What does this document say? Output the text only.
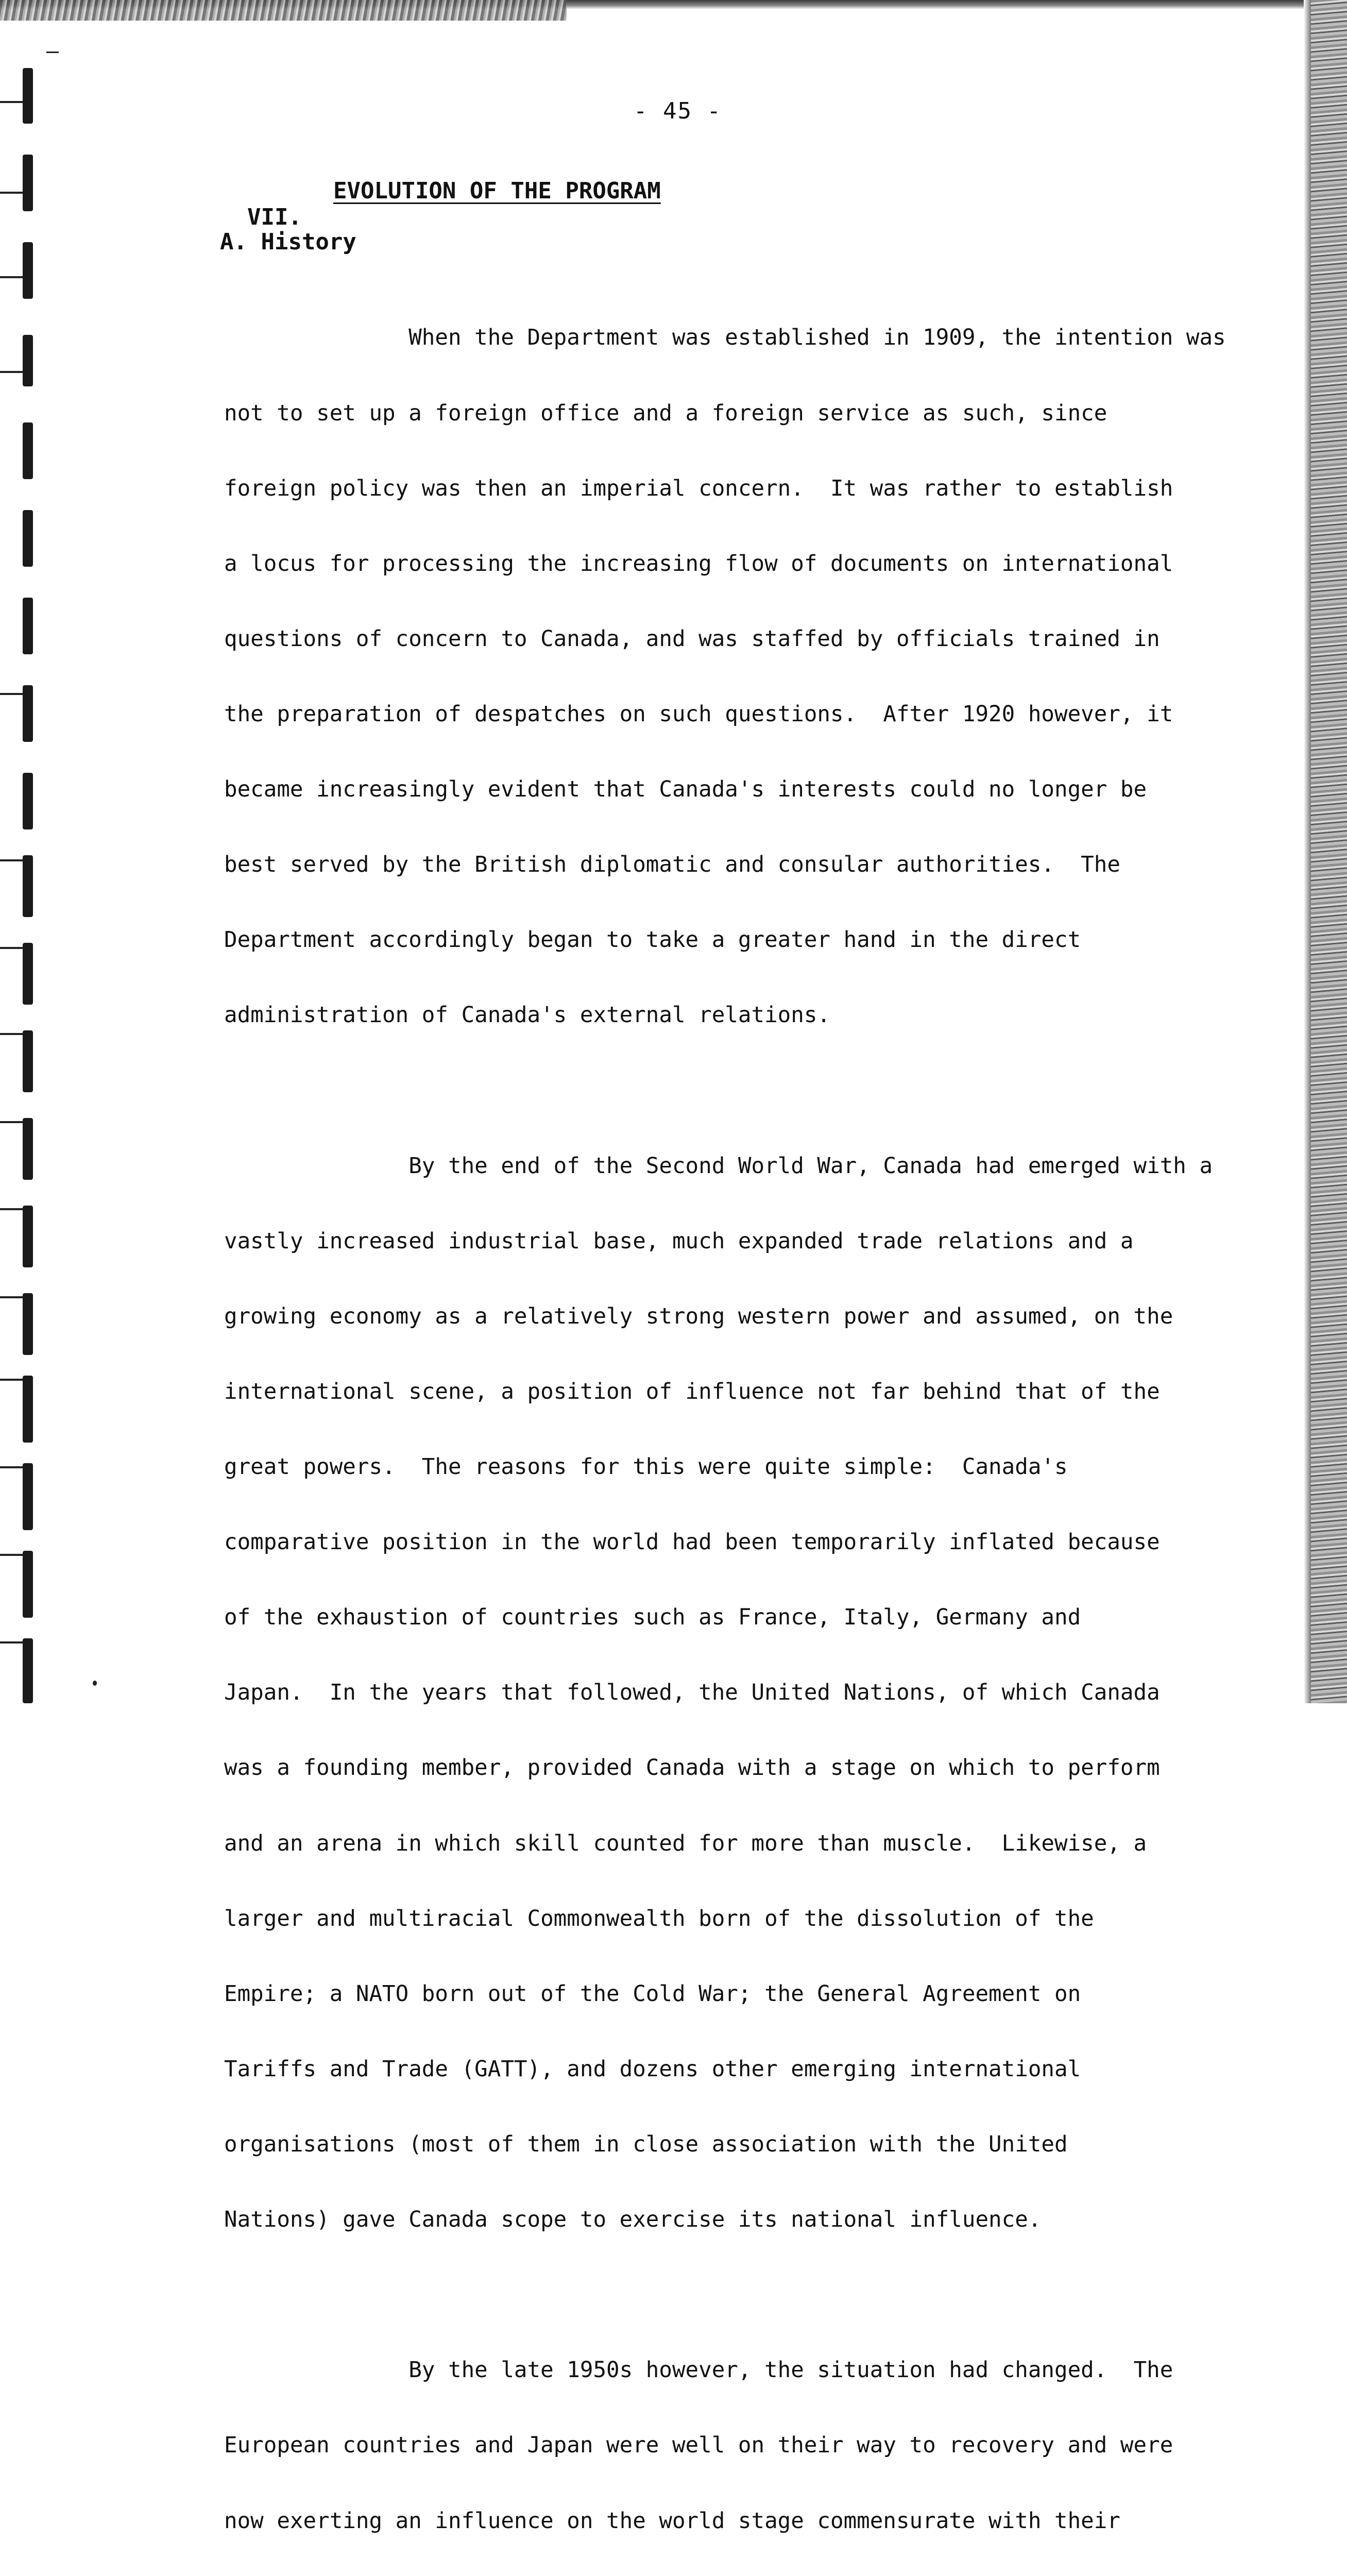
- 45 -

VII.

EVOLUTION OF THE PROGRAM

A. History

When the Department was established in 1909, the intention was

not to set up a foreign office and a foreign service as such, since

foreign policy was then an imperial concern.  It was rather to establish

a locus for processing the increasing flow of documents on international

questions of concern to Canada, and was staffed by officials trained in

the preparation of despatches on such questions.  After 1920 however, it

became increasingly evident that Canada's interests could no longer be

best served by the British diplomatic and consular authorities.  The

Department accordingly began to take a greater hand in the direct

administration of Canada's external relations.

By the end of the Second World War, Canada had emerged with a

vastly increased industrial base, much expanded trade relations and a

growing economy as a relatively strong western power and assumed, on the

international scene, a position of influence not far behind that of the

great powers.  The reasons for this were quite simple:  Canada's

comparative position in the world had been temporarily inflated because

of the exhaustion of countries such as France, Italy, Germany and

Japan.  In the years that followed, the United Nations, of which Canada

was a founding member, provided Canada with a stage on which to perform

and an arena in which skill counted for more than muscle.  Likewise, a

larger and multiracial Commonwealth born of the dissolution of the

Empire; a NATO born out of the Cold War; the General Agreement on

Tariffs and Trade (GATT), and dozens other emerging international

organisations (most of them in close association with the United

Nations) gave Canada scope to exercise its national influence.

By the late 1950s however, the situation had changed.  The

European countries and Japan were well on their way to recovery and were

now exerting an influence on the world stage commensurate with their
